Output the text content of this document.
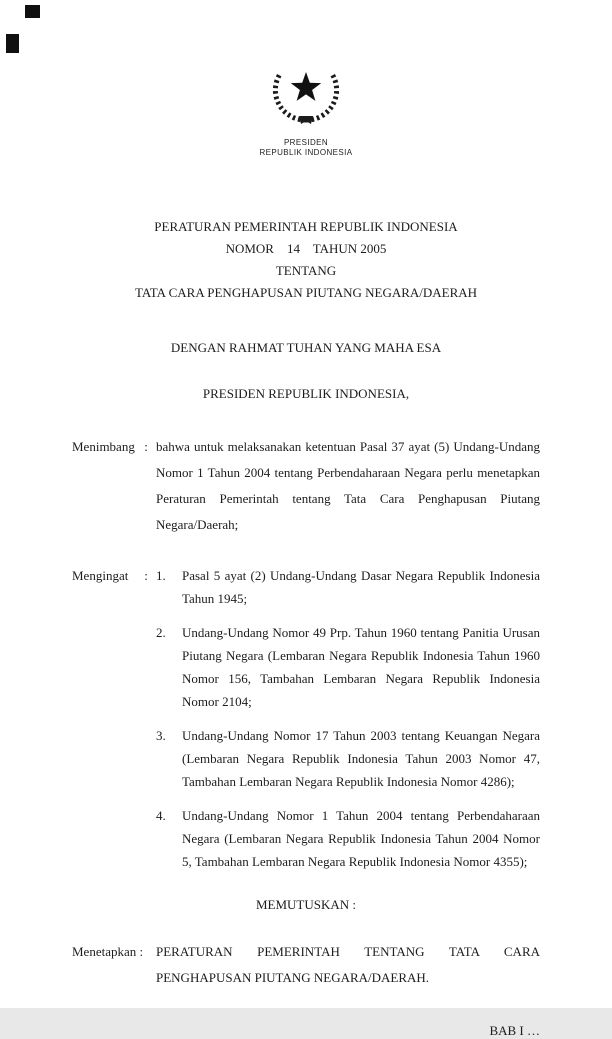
PRESIDEN
REPUBLIK INDONESIA
PERATURAN PEMERINTAH REPUBLIK INDONESIA
NOMOR    14    TAHUN 2005
TENTANG
TATA CARA PENGHAPUSAN PIUTANG NEGARA/DAERAH
DENGAN RAHMAT TUHAN YANG MAHA ESA
PRESIDEN REPUBLIK INDONESIA,
Menimbang : bahwa untuk melaksanakan ketentuan Pasal 37 ayat (5) Undang-Undang Nomor 1 Tahun 2004 tentang Perbendaharaan Negara perlu menetapkan Peraturan Pemerintah tentang Tata Cara Penghapusan Piutang Negara/Daerah;
Mengingat	: 1.	Pasal 5 ayat (2) Undang-Undang Dasar Negara Republik Indonesia Tahun 1945;
2.	Undang-Undang Nomor 49 Prp. Tahun 1960 tentang Panitia Urusan Piutang Negara (Lembaran Negara Republik Indonesia Tahun 1960 Nomor 156, Tambahan Lembaran Negara Republik Indonesia Nomor 2104;
3.	Undang-Undang Nomor 17 Tahun 2003 tentang Keuangan Negara (Lembaran Negara Republik Indonesia Tahun 2003 Nomor 47, Tambahan Lembaran Negara Republik Indonesia Nomor 4286);
4.	Undang-Undang Nomor 1 Tahun 2004 tentang Perbendaharaan Negara (Lembaran Negara Republik Indonesia Tahun 2004 Nomor 5, Tambahan Lembaran Negara Republik Indonesia Nomor 4355);
MEMUTUSKAN :
Menetapkan : PERATURAN PEMERINTAH TENTANG TATA CARA PENGHAPUSAN PIUTANG NEGARA/DAERAH.
BAB I …
